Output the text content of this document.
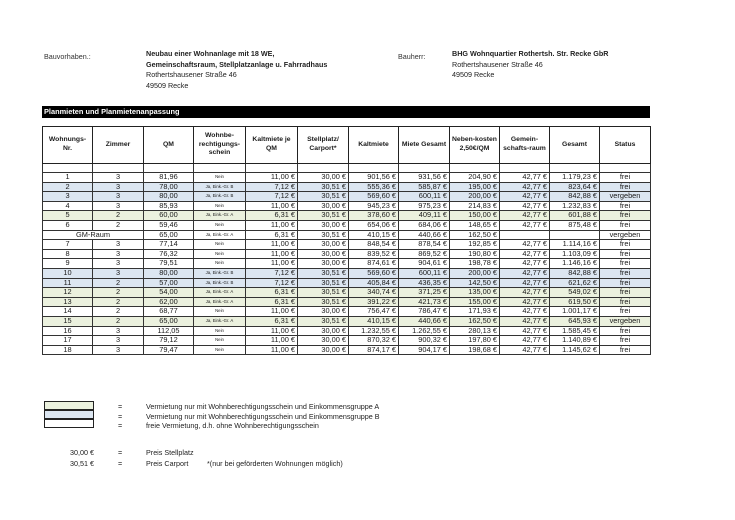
Bauvorhaben.:	Neubau einer Wohnanlage mit 18 WE,
Gemeinschaftsraum, Stellplatzanlage u. Fahrradhaus
Rothertshausener Straße 46
49509 Recke
Bauherr:	BHG Wohnquartier Rothertsh. Str. Recke GbR
Rothertshausener Straße 46
49509 Recke
Planmieten und Planmietenanpassung
Wohnungs-Nr.	Zimmer	QM	Wohnbe-rechtigungs-schein	Kaltmiete je QM	Stellplatz/ Carport*	Kaltmiete	Miete Gesamt	Neben-kosten 2,50€/QM	Gemein-schafts-raum	Gesamt	Status

1	3	81,96	Nein	11,00 €	30,00 €	901,56 €	931,56 €	204,90 €	42,77 €	1.179,23 €	frei
2	3	78,00	Ja, Eink.-Gr. B	7,12 €	30,51 €	555,36 €	585,87 €	195,00 €	42,77 €	823,64 €	frei
3	3	80,00	Ja, Eink.-Gr. B	7,12 €	30,51 €	569,60 €	600,11 €	200,00 €	42,77 €	842,88 €	vergeben
4	3	85,93	Nein	11,00 €	30,00 €	945,23 €	975,23 €	214,83 €	42,77 €	1.232,83 €	frei
5	2	60,00	Ja, Eink.-Gr. A	6,31 €	30,51 €	378,60 €	409,11 €	150,00 €	42,77 €	601,88 €	frei
6	2	59,46	Nein	11,00 €	30,00 €	654,06 €	684,06 €	148,65 €	42,77 €	875,48 €	frei
GM-Raum		65,00	Ja, Eink.-Gr. A	6,31 €	30,51 €	410,15 €	440,66 €	162,50 €			vergeben
7	3	77,14	Nein	11,00 €	30,00 €	848,54 €	878,54 €	192,85 €	42,77 €	1.114,16 €	frei
8	3	76,32	Nein	11,00 €	30,00 €	839,52 €	869,52 €	190,80 €	42,77 €	1.103,09 €	frei
9	3	79,51	Nein	11,00 €	30,00 €	874,61 €	904,61 €	198,78 €	42,77 €	1.146,16 €	frei
10	3	80,00	Ja, Eink.-Gr. B	7,12 €	30,51 €	569,60 €	600,11 €	200,00 €	42,77 €	842,88 €	frei
11	2	57,00	Ja, Eink.-Gr. B	7,12 €	30,51 €	405,84 €	436,35 €	142,50 €	42,77 €	621,62 €	frei
12	2	54,00	Ja, Eink.-Gr. A	6,31 €	30,51 €	340,74 €	371,25 €	135,00 €	42,77 €	549,02 €	frei
13	2	62,00	Ja, Eink.-Gr. A	6,31 €	30,51 €	391,22 €	421,73 €	155,00 €	42,77 €	619,50 €	frei
14	2	68,77	Nein	11,00 €	30,00 €	756,47 €	786,47 €	171,93 €	42,77 €	1.001,17 €	frei
15	2	65,00	Ja, Eink.-Gr. A	6,31 €	30,51 €	410,15 €	440,66 €	162,50 €	42,77 €	645,93 €	vergeben
16	3	112,05	Nein	11,00 €	30,00 €	1.232,55 €	1.262,55 €	280,13 €	42,77 €	1.585,45 €	frei
17	3	79,12	Nein	11,00 €	30,00 €	870,32 €	900,32 €	197,80 €	42,77 €	1.140,89 €	frei
18	3	79,47	Nein	11,00 €	30,00 €	874,17 €	904,17 €	198,68 €	42,77 €	1.145,62 €	frei
=	Vermietung nur mit Wohnberechtigungsschein und Einkommensgruppe A
=	Vermietung nur mit Wohnberechtigungsschein und Einkommensgruppe B
=	freie Vermietung, d.h. ohne Wohnberechtigungsschein
30,00 €	=	Preis Stellplatz
30,51 €	=	Preis Carport	*(nur bei geförderten Wohnungen möglich)
